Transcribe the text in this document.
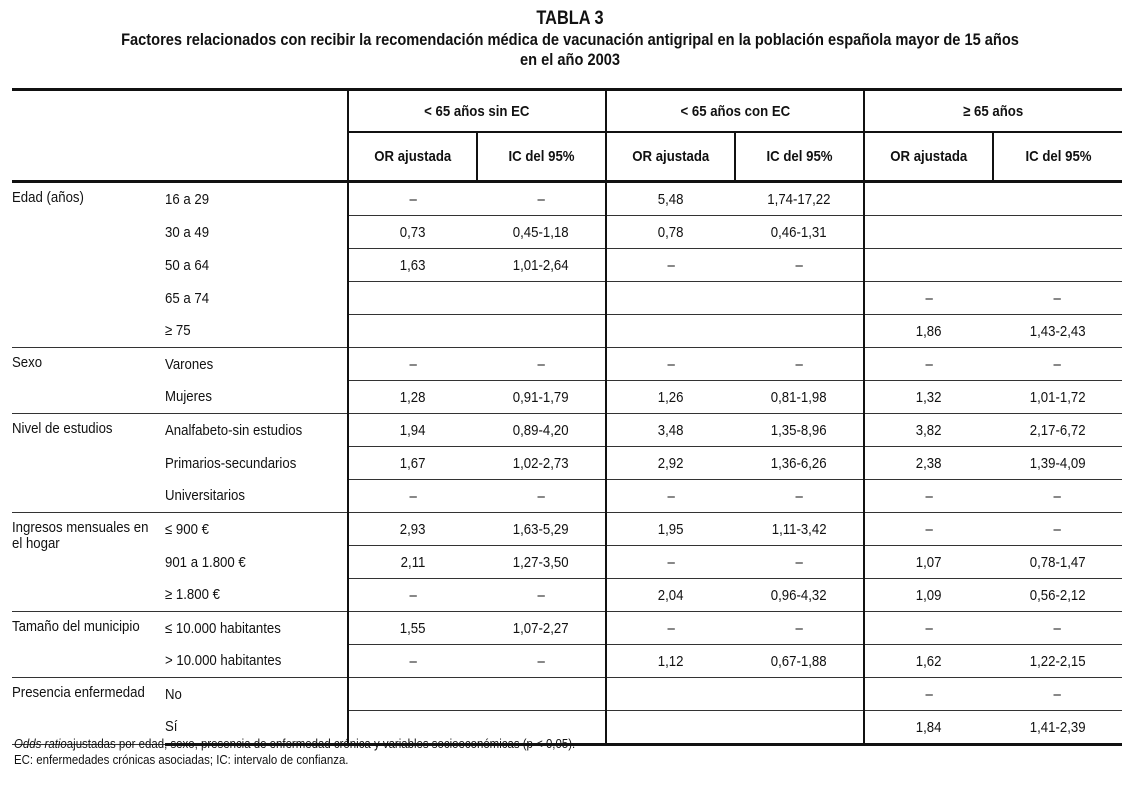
TABLA 3
Factores relacionados con recibir la recomendación médica de vacunación antigripal en la población española mayor de 15 años
en el año 2003
		< 65 años sin EC		< 65 años con EC		≥ 65 años	
		OR ajustada	IC del 95%	OR ajustada	IC del 95%	OR ajustada	IC del 95%
Edad (años)	16 a 29	–	–	5,48	1,74-17,22		
	30 a 49	0,73	0,45-1,18	0,78	0,46-1,31		
	50 a 64	1,63	1,01-2,64	–	–		
	65 a 74					–	–
	≥ 75					1,86	1,43-2,43
Sexo	Varones	–	–	–	–	–	–
	Mujeres	1,28	0,91-1,79	1,26	0,81-1,98	1,32	1,01-1,72
Nivel de estudios	Analfabeto-sin estudios	1,94	0,89-4,20	3,48	1,35-8,96	3,82	2,17-6,72
	Primarios-secundarios	1,67	1,02-2,73	2,92	1,36-6,26	2,38	1,39-4,09
	Universitarios	–	–	–	–	–	–
Ingresos mensuales en el hogar	≤ 900 €	2,93	1,63-5,29	1,95	1,11-3,42	–	–
	901 a 1.800 €	2,11	1,27-3,50	–	–	1,07	0,78-1,47
	≥ 1.800 €	–	–	2,04	0,96-4,32	1,09	0,56-2,12
Tamaño del municipio	≤ 10.000 habitantes	1,55	1,07-2,27	–	–	–	–
	> 10.000 habitantes	–	–	1,12	0,67-1,88	1,62	1,22-2,15
Presencia enfermedad	No					–	–
	Sí					1,84	1,41-2,39
Odds ratioajustadas por edad, sexo, presencia de enfermedad crónica y variables socioeconómicas (p < 0,05).
EC: enfermedades crónicas asociadas; IC: intervalo de confianza.
